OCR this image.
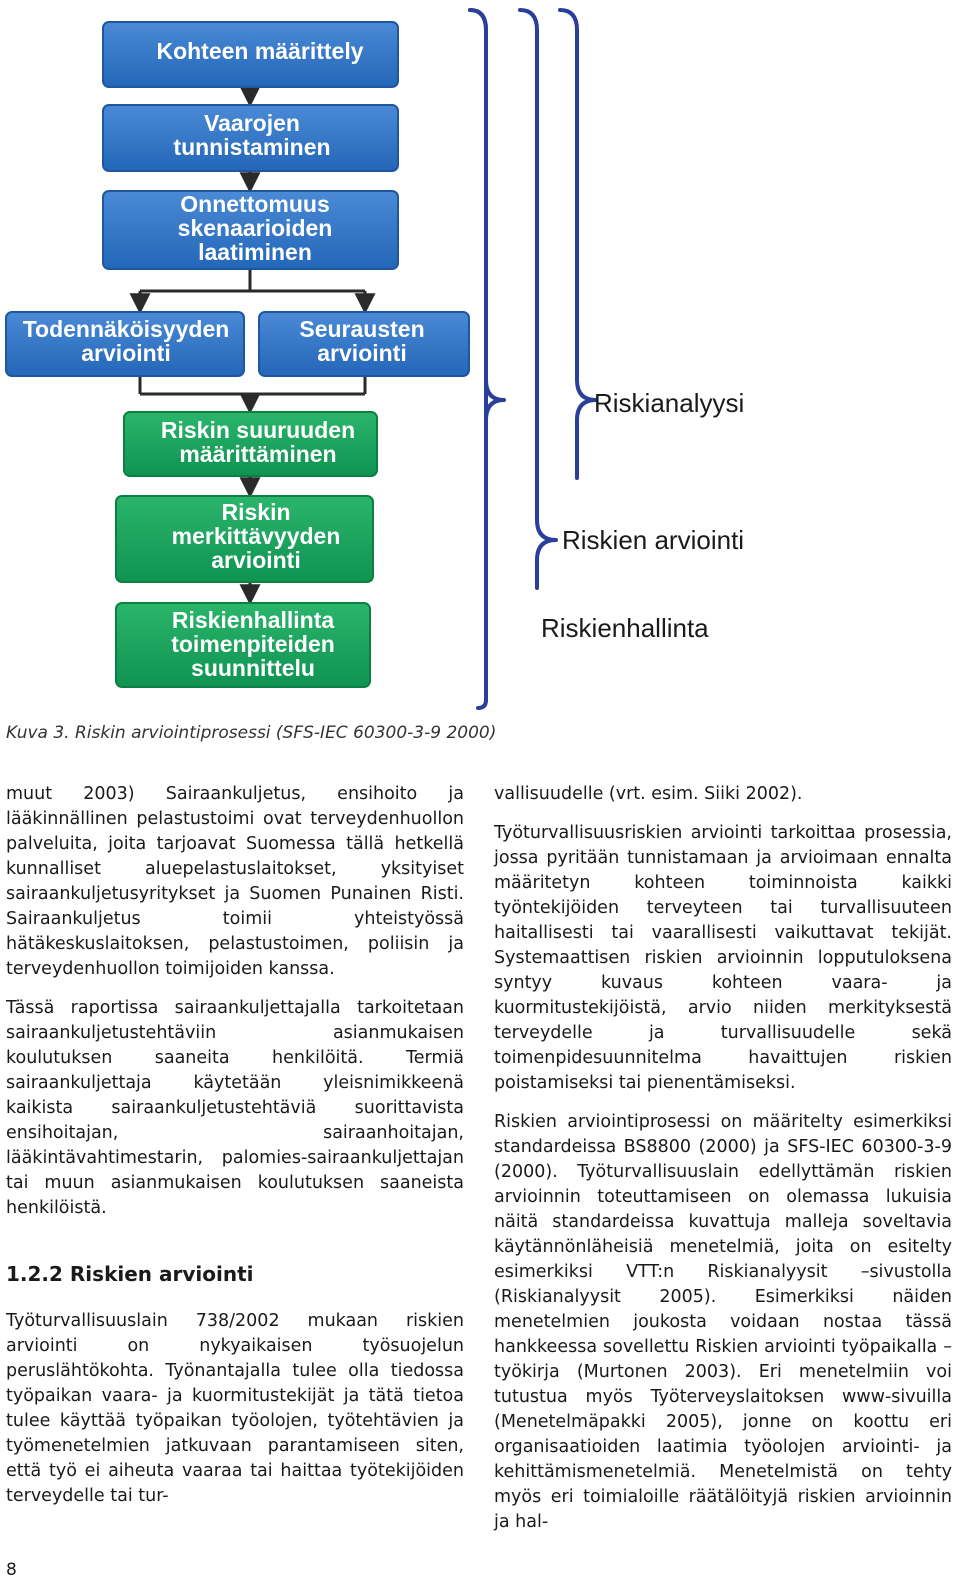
Kohteen määrittely
Vaarojen tunnistaminen
Onnettomuus skenaarioiden laatiminen
Todennäköisyyden arviointi
Seurausten arviointi
Riskin suuruuden määrittäminen
Riskin merkittävyyden arviointi
Riskienhallinta toimenpiteiden suunnittelu
Riskianalyysi
Riskien arviointi
Riskienhallinta
Kuva 3. Riskin arviointiprosessi (SFS-IEC 60300-3-9 2000)

muut 2003) Sairaankuljetus, ensihoito ja lääkinnällinen pelastustoimi ovat terveydenhuollon palveluita, joita tarjoavat Suomessa tällä hetkellä kunnalliset aluepelastuslaitokset, yksityiset sairaankuljetusyritykset ja Suomen Punainen Risti. Sairaankuljetus toimii yhteistyössä hätäkeskuslaitoksen, pelastustoimen, poliisin ja terveydenhuollon toimijoiden kanssa.

Tässä raportissa sairaankuljettajalla tarkoitetaan sairaankuljetustehtäviin asianmukaisen koulutuksen saaneita henkilöitä. Termiä sairaankuljettaja käytetään yleisnimikkeenä kaikista sairaankuljetustehtäviä suorittavista ensihoitajan, sairaanhoitajan, lääkintävahtimestarin, palomies-sairaankuljettajan tai muun asianmukaisen koulutuksen saaneista henkilöistä.

1.2.2 Riskien arviointi

Työturvallisuuslain 738/2002 mukaan riskien arviointi on nykyaikaisen työsuojelun peruslähtökohta. Työnantajalla tulee olla tiedossa työpaikan vaara- ja kuormitustekijät ja tätä tietoa tulee käyttää työpaikan työolojen, työtehtävien ja työmenetelmien jatkuvaan parantamiseen siten, että työ ei aiheuta vaaraa tai haittaa työtekijöiden terveydelle tai tur-

vallisuudelle (vrt. esim. Siiki 2002).

Työturvallisuusriskien arviointi tarkoittaa prosessia, jossa pyritään tunnistamaan ja arvioimaan ennalta määritetyn kohteen toiminnoista kaikki työntekijöiden terveyteen tai turvallisuuteen haitallisesti tai vaarallisesti vaikuttavat tekijät. Systemaattisen riskien arvioinnin lopputuloksena syntyy kuvaus kohteen vaara- ja kuormitustekijöistä, arvio niiden merkityksestä terveydelle ja turvallisuudelle sekä toimenpidesuunnitelma havaittujen riskien poistamiseksi tai pienentämiseksi.

Riskien arviointiprosessi on määritelty esimerkiksi standardeissa BS8800 (2000) ja SFS-IEC 60300-3-9 (2000). Työturvallisuuslain edellyttämän riskien arvioinnin toteuttamiseen on olemassa lukuisia näitä standardeissa kuvattuja malleja soveltavia käytännönläheisiä menetelmiä, joita on esitelty esimerkiksi VTT:n Riskianalyysit –sivustolla (Riskianalyysit 2005). Esimerkiksi näiden menetelmien joukosta voidaan nostaa tässä hankkeessa sovellettu Riskien arviointi työpaikalla –työkirja (Murtonen 2003). Eri menetelmiin voi tutustua myös Työterveyslaitoksen www-sivuilla (Menetelmäpakki 2005), jonne on koottu eri organisaatioiden laatimia työolojen arviointi- ja kehittämismenetelmiä. Menetelmistä on tehty myös eri toimialoille räätälöityjä riskien arvioinnin ja hal-

8
